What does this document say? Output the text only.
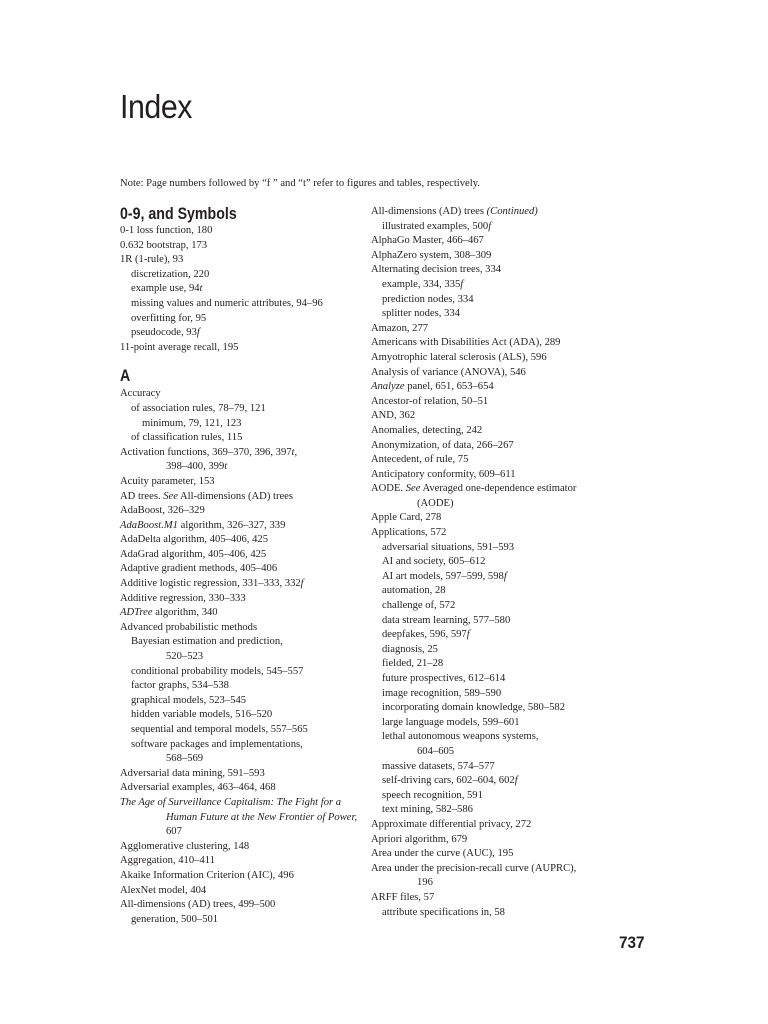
Index

Note: Page numbers followed by “f ” and “t” refer to figures and tables, respectively.

0-9, and Symbols
0-1 loss function, 180
0.632 bootstrap, 173
1R (1-rule), 93
discretization, 220
example use, 94t
missing values and numeric attributes, 94–96
overfitting for, 95
pseudocode, 93f
11-point average recall, 195
A
Accuracy
of association rules, 78–79, 121
minimum, 79, 121, 123
of classification rules, 115
Activation functions, 369–370, 396, 397t,
398–400, 399t
Acuity parameter, 153
AD trees. See All-dimensions (AD) trees
AdaBoost, 326–329
AdaBoost.M1 algorithm, 326–327, 339
AdaDelta algorithm, 405–406, 425
AdaGrad algorithm, 405–406, 425
Adaptive gradient methods, 405–406
Additive logistic regression, 331–333, 332f
Additive regression, 330–333
ADTree algorithm, 340
Advanced probabilistic methods
Bayesian estimation and prediction,
520–523
conditional probability models, 545–557
factor graphs, 534–538
graphical models, 523–545
hidden variable models, 516–520
sequential and temporal models, 557–565
software packages and implementations,
568–569
Adversarial data mining, 591–593
Adversarial examples, 463–464, 468
The Age of Surveillance Capitalism: The Fight for a
Human Future at the New Frontier of Power,
607
Agglomerative clustering, 148
Aggregation, 410–411
Akaike Information Criterion (AIC), 496
AlexNet model, 404
All-dimensions (AD) trees, 499–500
generation, 500–501
All-dimensions (AD) trees (Continued)
illustrated examples, 500f
AlphaGo Master, 466–467
AlphaZero system, 308–309
Alternating decision trees, 334
example, 334, 335f
prediction nodes, 334
splitter nodes, 334
Amazon, 277
Americans with Disabilities Act (ADA), 289
Amyotrophic lateral sclerosis (ALS), 596
Analysis of variance (ANOVA), 546
Analyze panel, 651, 653–654
Ancestor-of relation, 50–51
AND, 362
Anomalies, detecting, 242
Anonymization, of data, 266–267
Antecedent, of rule, 75
Anticipatory conformity, 609–611
AODE. See Averaged one-dependence estimator
(AODE)
Apple Card, 278
Applications, 572
adversarial situations, 591–593
AI and society, 605–612
AI art models, 597–599, 598f
automation, 28
challenge of, 572
data stream learning, 577–580
deepfakes, 596, 597f
diagnosis, 25
fielded, 21–28
future prospectives, 612–614
image recognition, 589–590
incorporating domain knowledge, 580–582
large language models, 599–601
lethal autonomous weapons systems,
604–605
massive datasets, 574–577
self-driving cars, 602–604, 602f
speech recognition, 591
text mining, 582–586
Approximate differential privacy, 272
Apriori algorithm, 679
Area under the curve (AUC), 195
Area under the precision-recall curve (AUPRC),
196
ARFF files, 57
attribute specifications in, 58

737
